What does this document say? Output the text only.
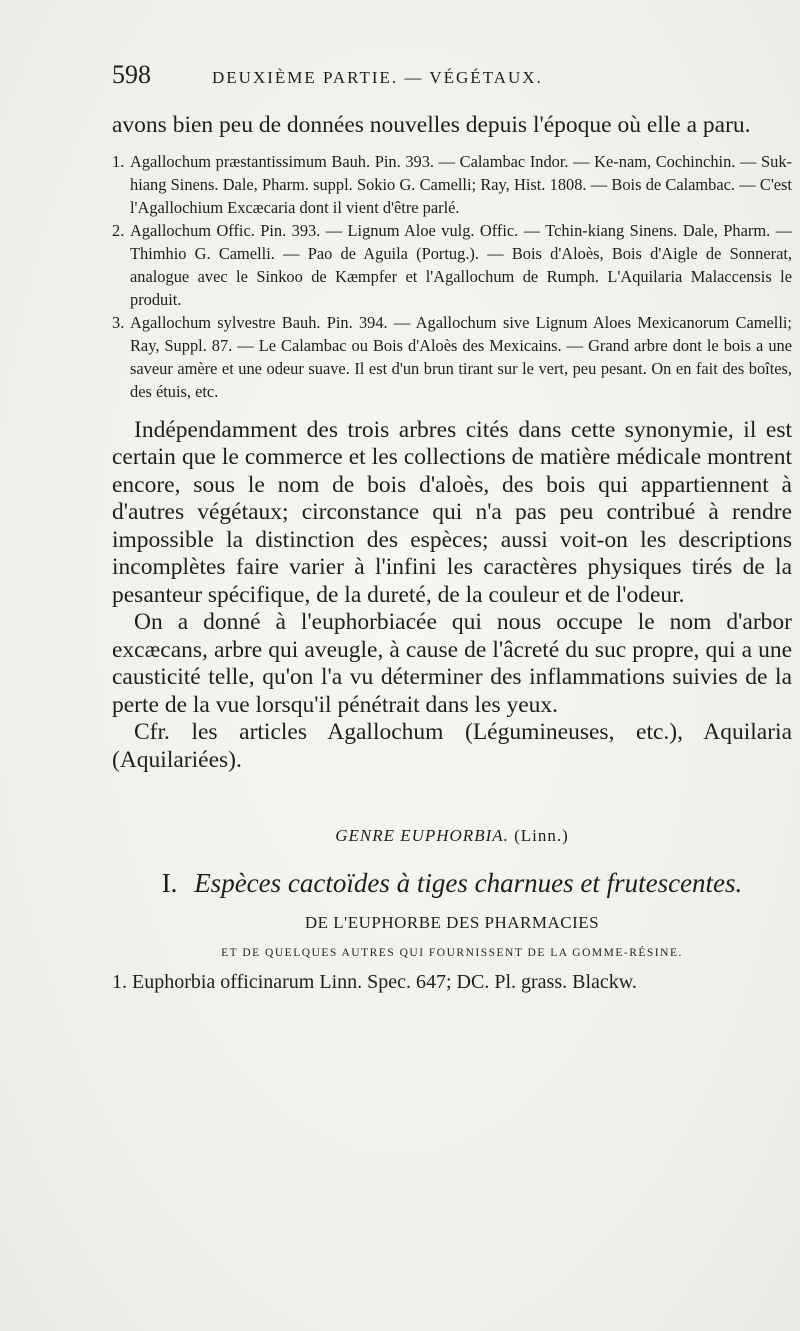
598	DEUXIÈME PARTIE. — VÉGÉTAUX.

avons bien peu de données nouvelles depuis l'époque où elle a paru.

1. Agallochum præstantissimum Bauh. Pin. 393. — Calambac Indor. — Ke-nam, Cochinchin. — Suk-hiang Sinens. Dale, Pharm. suppl. Sokio G. Camelli; Ray, Hist. 1808. — Bois de Calambac. — C'est l'Agallochium Excæcaria dont il vient d'être parlé.
2. Agallochum Offic. Pin. 393. — Lignum Aloe vulg. Offic. — Tchin-kiang Sinens. Dale, Pharm. — Thimhio G. Camelli. — Pao de Aguila (Portug.). — Bois d'Aloès, Bois d'Aigle de Sonnerat, analogue avec le Sinkoo de Kæmpfer et l'Agallochum de Rumph. L'Aquilaria Malaccensis le produit.
3. Agallochum sylvestre Bauh. Pin. 394. — Agallochum sive Lignum Aloes Mexicanorum Camelli; Ray, Suppl. 87. — Le Calambac ou Bois d'Aloès des Mexicains. — Grand arbre dont le bois a une saveur amère et une odeur suave. Il est d'un brun tirant sur le vert, peu pesant. On en fait des boîtes, des étuis, etc.

Indépendamment des trois arbres cités dans cette synonymie, il est certain que le commerce et les collections de matière médicale montrent encore, sous le nom de bois d'aloès, des bois qui appartiennent à d'autres végétaux; circonstance qui n'a pas peu contribué à rendre impossible la distinction des espèces; aussi voit-on les descriptions incomplètes faire varier à l'infini les caractères physiques tirés de la pesanteur spécifique, de la dureté, de la couleur et de l'odeur.

On a donné à l'euphorbiacée qui nous occupe le nom d'arbor excæcans, arbre qui aveugle, à cause de l'âcreté du suc propre, qui a une causticité telle, qu'on l'a vu déterminer des inflammations suivies de la perte de la vue lorsqu'il pénétrait dans les yeux.

Cfr. les articles Agallochum (Légumineuses, etc.), Aquilaria (Aquilariées).

GENRE EUPHORBIA. (Linn.)
I. Espèces cactoïdes à tiges charnues et frutescentes.
DE L'EUPHORBE DES PHARMACIES
ET DE QUELQUES AUTRES QUI FOURNISSENT DE LA GOMME-RÉSINE.
1. Euphorbia officinarum Linn. Spec. 647; DC. Pl. grass. Blackw.
